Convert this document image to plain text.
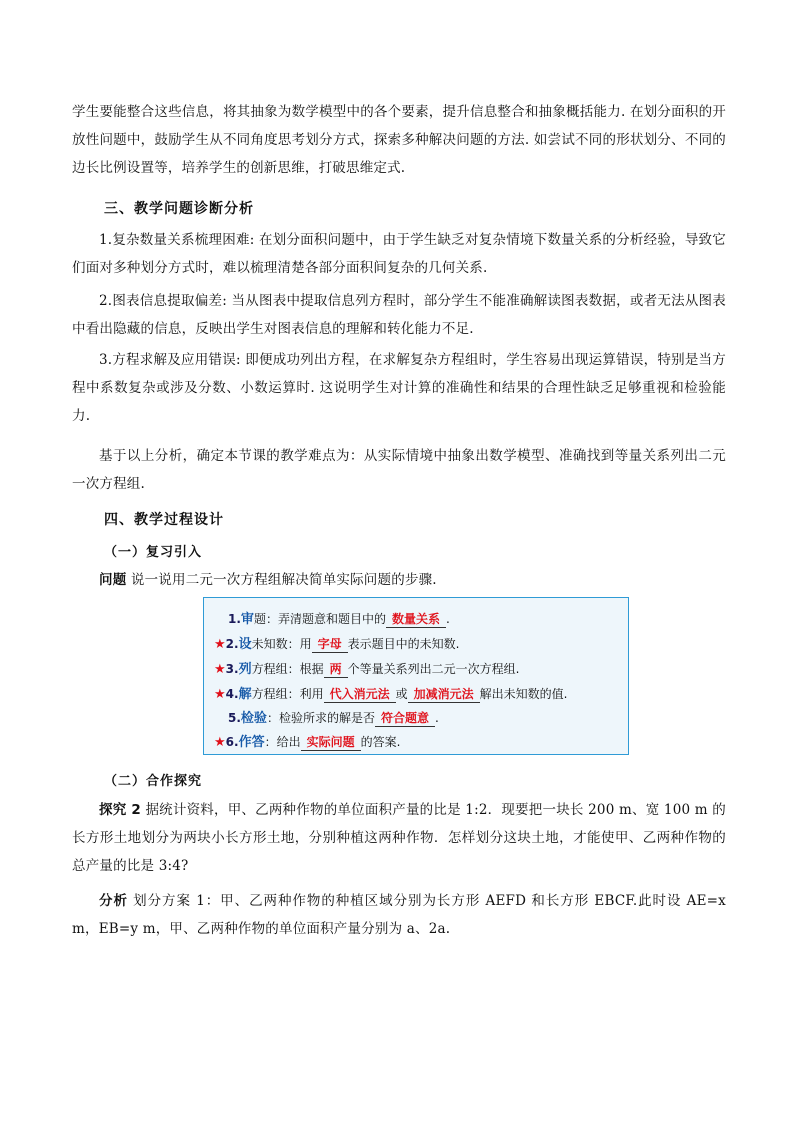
学生要能整合这些信息，将其抽象为数学模型中的各个要素，提升信息整合和抽象概括能力. 在划分面积的开放性问题中，鼓励学生从不同角度思考划分方式，探索多种解决问题的方法. 如尝试不同的形状划分、不同的边长比例设置等，培养学生的创新思维，打破思维定式.
三、教学问题诊断分析
1.复杂数量关系梳理困难: 在划分面积问题中，由于学生缺乏对复杂情境下数量关系的分析经验，导致它们面对多种划分方式时，难以梳理清楚各部分面积间复杂的几何关系.
2.图表信息提取偏差: 当从图表中提取信息列方程时，部分学生不能准确解读图表数据，或者无法从图表中看出隐藏的信息，反映出学生对图表信息的理解和转化能力不足.
3.方程求解及应用错误: 即便成功列出方程，在求解复杂方程组时，学生容易出现运算错误，特别是当方程中系数复杂或涉及分数、小数运算时. 这说明学生对计算的准确性和结果的合理性缺乏足够重视和检验能力.
基于以上分析，确定本节课的教学难点为：从实际情境中抽象出数学模型、准确找到等量关系列出二元一次方程组.
四、教学过程设计
（一）复习引入
问题 说一说用二元一次方程组解决简单实际问题的步骤.
1.审题：弄清题意和题目中的 数量关系 .
★2.设未知数：用 字母 表示题目中的未知数.
★3.列方程组：根据 两 个等量关系列出二元一次方程组.
★4.解方程组：利用 代入消元法 或 加减消元法 解出未知数的值.
5.检验：检验所求的解是否 符合题意 .
★6.作答：给出 实际问题 的答案.
（二）合作探究
探究 2 据统计资料，甲、乙两种作物的单位面积产量的比是 1:2．现要把一块长 200 m、宽 100 m 的长方形土地划分为两块小长方形土地，分别种植这两种作物．怎样划分这块土地，才能使甲、乙两种作物的总产量的比是 3:4?
分析 划分方案 1：甲、乙两种作物的种植区域分别为长方形 AEFD 和长方形 EBCF.此时设 AE=x m，EB=y m，甲、乙两种作物的单位面积产量分别为 a、2a.
